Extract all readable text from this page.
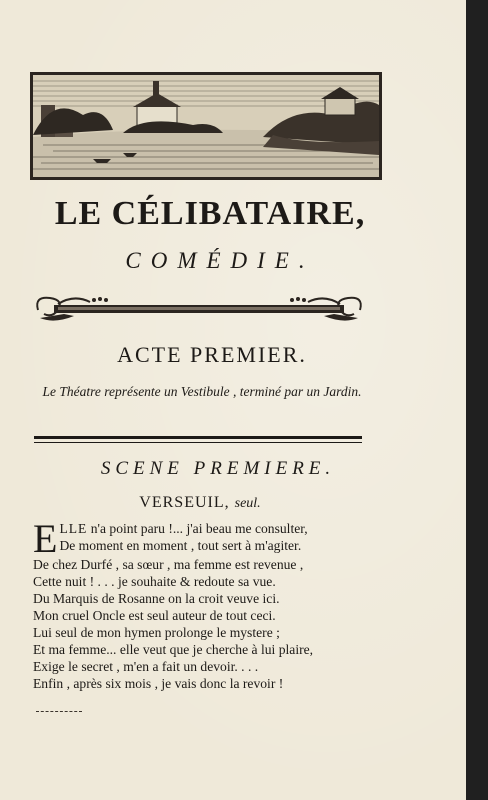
LE CÉLIBATAIRE,
COMÉDIE.
ACTE PREMIER.
Le Théatre représente un Vestibule , terminé par un Jardin.
SCENE PREMIERE.
VERSEUIL, seul.
E LLE n'a point paru !... j'ai beau me consulter,
De moment en moment , tout sert à m'agiter.
De chez Durfé , sa sœur , ma femme est revenue ,
Cette nuit ! . . . je souhaite & redoute sa vue.
Du Marquis de Rosanne on la croit veuve ici.
Mon cruel Oncle est seul auteur de tout ceci.
Lui seul de mon hymen prolonge le mystere ;
Et ma femme... elle veut que je cherche à lui plaire,
Exige le secret , m'en a fait un devoir. . . .
Enfin , après six mois , je vais donc la revoir !
